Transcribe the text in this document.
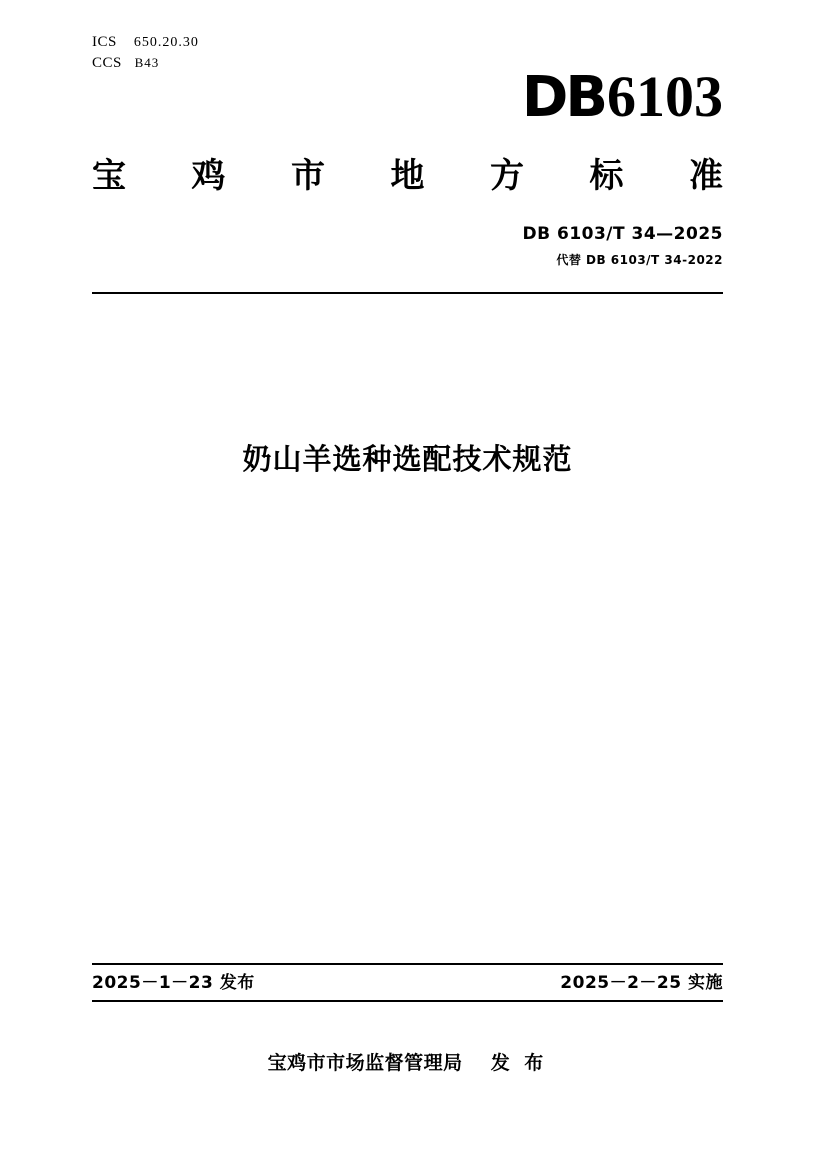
ICS 650.20.30
CCS B43
DB6103
宝 鸡 市 地 方 标 准
DB 6103/T 34—2025
代替 DB 6103/T 34-2022
奶山羊选种选配技术规范
2025－1－23 发布	2025－2－25 实施
宝鸡市市场监督管理局 发 布
